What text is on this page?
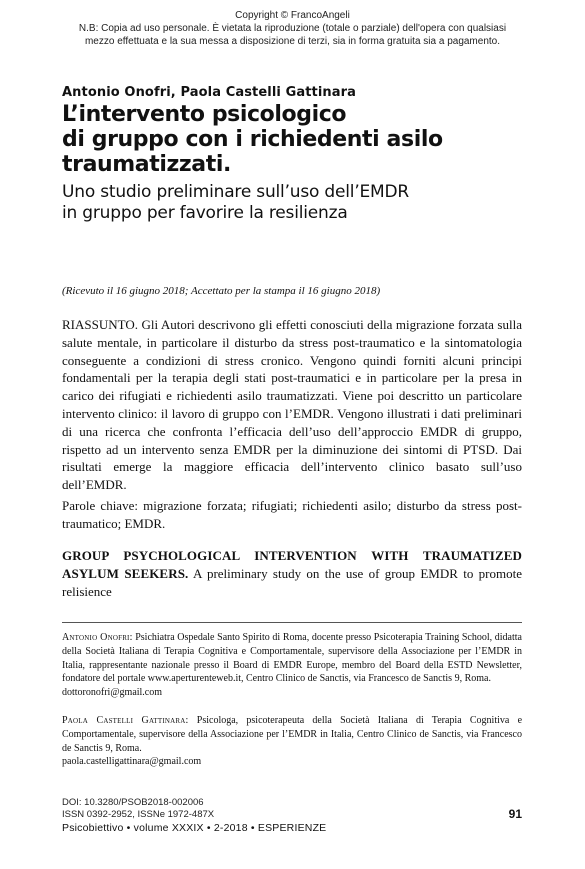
Copyright © FrancoAngeli
N.B: Copia ad uso personale. È vietata la riproduzione (totale o parziale) dell'opera con qualsiasi
mezzo effettuata e la sua messa a disposizione di terzi, sia in forma gratuita sia a pagamento.
Antonio Onofri, Paola Castelli Gattinara
L’intervento psicologico
di gruppo con i richiedenti asilo
traumatizzati.
Uno studio preliminare sull’uso dell’EMDR
in gruppo per favorire la resilienza
(Ricevuto il 16 giugno 2018; Accettato per la stampa il 16 giugno 2018)
RIASSUNTO. Gli Autori descrivono gli effetti conosciuti della migrazione forzata sulla salute mentale, in particolare il disturbo da stress post-traumatico e la sintomatologia conseguente a condizioni di stress cronico. Vengono quindi forniti alcuni principi fondamentali per la terapia degli stati post-traumatici e in particolare per la presa in carico dei rifugiati e richiedenti asilo traumatizzati. Viene poi descritto un particolare intervento clinico: il lavoro di gruppo con l’EMDR. Vengono illustrati i dati preliminari di una ricerca che confronta l’efficacia dell’uso dell’approccio EMDR di gruppo, rispetto ad un intervento senza EMDR per la diminuzione dei sintomi di PTSD. Dai risultati emerge la maggiore efficacia dell’intervento clinico basato sull’uso dell’EMDR.
Parole chiave: migrazione forzata; rifugiati; richiedenti asilo; disturbo da stress post-traumatico; EMDR.
GROUP PSYCHOLOGICAL INTERVENTION WITH TRAUMATIZED ASYLUM SEEKERS. A preliminary study on the use of group EMDR to promote relisience
Antonio Onofri: Psichiatra Ospedale Santo Spirito di Roma, docente presso Psicoterapia Training School, didatta della Società Italiana di Terapia Cognitiva e Comportamentale, supervisore della Associazione per l’EMDR in Italia, rappresentante nazionale presso il Board di EMDR Europe, membro del Board della ESTD Newsletter, fondatore del portale www.aperturenteweb.it, Centro Clinico de Sanctis, via Francesco de Sanctis 9, Roma.
dottoronofri@gmail.com
Paola Castelli Gattinara: Psicologa, psicoterapeuta della Società Italiana di Terapia Cognitiva e Comportamentale, supervisore della Associazione per l’EMDR in Italia, Centro Clinico de Sanctis, via Francesco de Sanctis 9, Roma.
paola.castelligattinara@gmail.com
DOI: 10.3280/PSOB2018-002006
ISSN 0392-2952, ISSNe 1972-487X
Psicobiettivo • volume XXXIX • 2-2018 • ESPERIENZE
91
